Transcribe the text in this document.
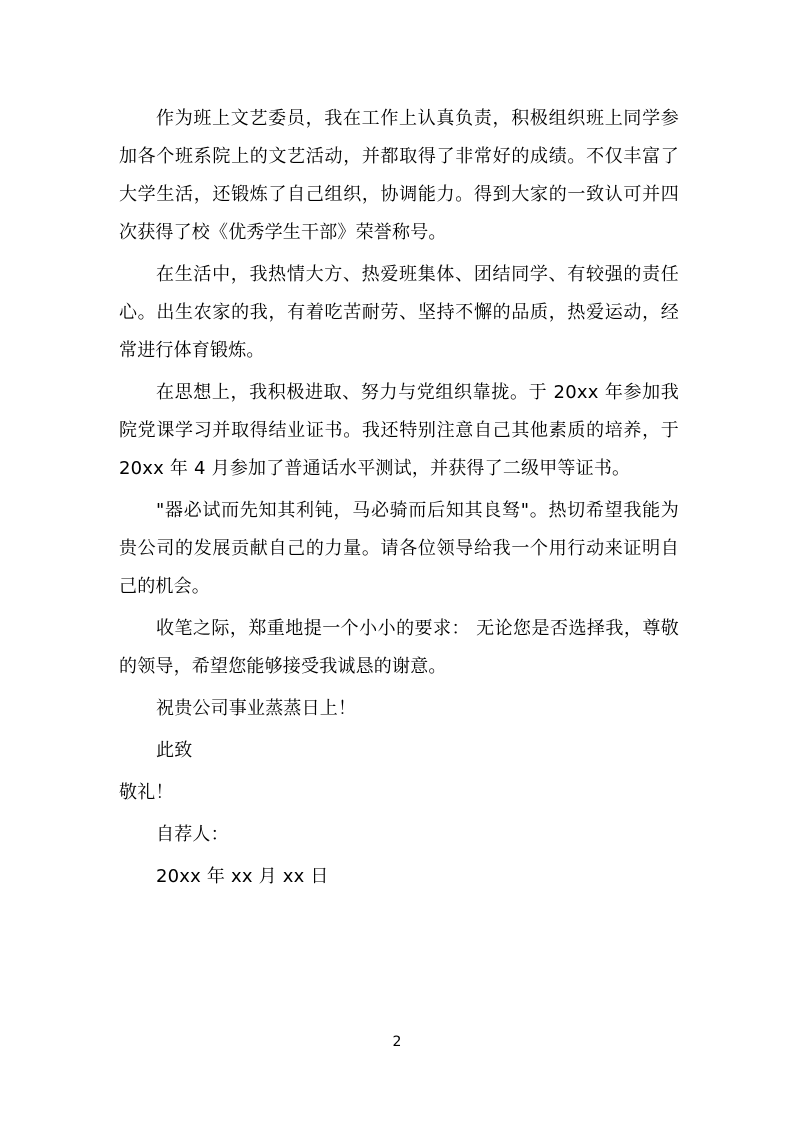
作为班上文艺委员，我在工作上认真负责，积极组织班上同学参加各个班系院上的文艺活动，并都取得了非常好的成绩。不仅丰富了大学生活，还锻炼了自己组织，协调能力。得到大家的一致认可并四次获得了校《优秀学生干部》荣誉称号。

在生活中，我热情大方、热爱班集体、团结同学、有较强的责任心。出生农家的我，有着吃苦耐劳、坚持不懈的品质，热爱运动，经常进行体育锻炼。

在思想上，我积极进取、努力与党组织靠拢。于 20xx 年参加我院党课学习并取得结业证书。我还特别注意自己其他素质的培养，于 20xx 年 4 月参加了普通话水平测试，并获得了二级甲等证书。

"器必试而先知其利钝，马必骑而后知其良驽"。热切希望我能为贵公司的发展贡献自己的力量。请各位领导给我一个用行动来证明自己的机会。

收笔之际，郑重地提一个小小的要求： 无论您是否选择我，尊敬的领导，希望您能够接受我诚恳的谢意。

祝贵公司事业蒸蒸日上！

此致

敬礼！

自荐人：

20xx 年 xx 月 xx 日

2
